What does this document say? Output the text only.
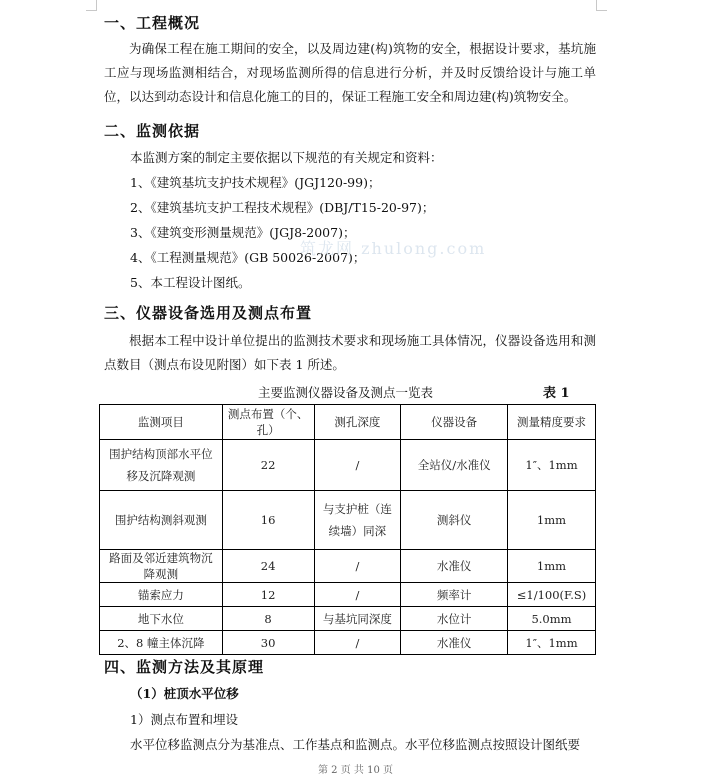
一、工程概况

为确保工程在施工期间的安全，以及周边建(构)筑物的安全，根据设计要求，基坑施工应与现场监测相结合，对现场监测所得的信息进行分析，并及时反馈给设计与施工单位，以达到动态设计和信息化施工的目的，保证工程施工安全和周边建(构)筑物安全。

二、监测依据

本监测方案的制定主要依据以下规范的有关规定和资料：

1、《建筑基坑支护技术规程》(JGJ120-99)；

2、《建筑基坑支护工程技术规程》(DBJ/T15-20-97)；

3、《建筑变形测量规范》(JGJ8-2007)；

4、《工程测量规范》(GB 50026-2007)；

5、本工程设计图纸。

筑龙网 zhulong.com
三、仪器设备选用及测点布置

根据本工程中设计单位提出的监测技术要求和现场施工具体情况，仪器设备选用和测点数目（测点布设见附图）如下表 1 所述。

主要监测仪器设备及测点一览表	表 1
监测项目	测点布置（个、孔）	测孔深度	仪器设备	测量精度要求
围护结构顶部水平位移及沉降观测	22	/	全站仪/水准仪	1″、1mm
围护结构测斜观测	16	与支护桩（连续墙）同深	测斜仪	1mm
路面及邻近建筑物沉降观测	24	/	水准仪	1mm
锚索应力	12	/	频率计	≤1/100(F.S)
地下水位	8	与基坑同深度	水位计	5.0mm
2、8 幢主体沉降	30	/	水准仪	1″、1mm
四、监测方法及其原理

（1）桩顶水平位移

1）测点布置和埋设

水平位移监测点分为基准点、工作基点和监测点。水平位移监测点按照设计图纸要

第 2 页 共 10 页
